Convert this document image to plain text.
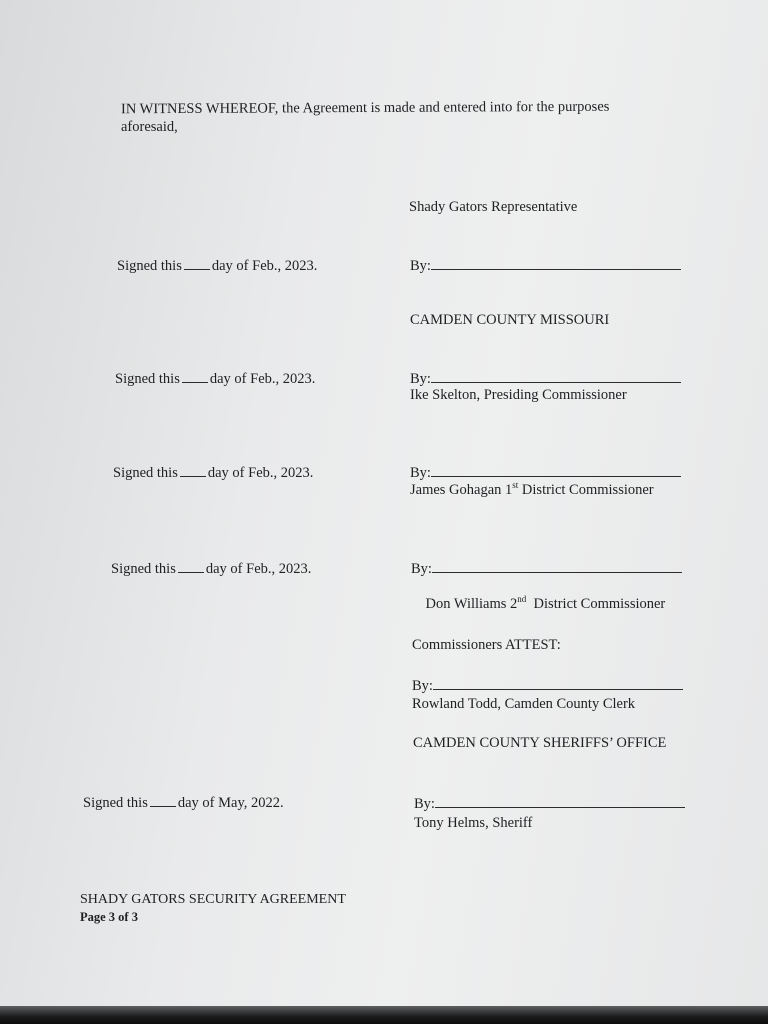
IN WITNESS WHEREOF, the Agreement is made and entered into for the purposes
aforesaid,
Shady Gators Representative
Signed this day of Feb., 2023.	By:
CAMDEN COUNTY MISSOURI
Signed this day of Feb., 2023.	By:
Ike Skelton, Presiding Commissioner
Signed this day of Feb., 2023.	By:
James Gohagan 1st District Commissioner
Signed this day of Feb., 2023.	By:

Don Williams 2nd  District Commissioner

Commissioners ATTEST:
By:
Rowland Todd, Camden County Clerk
CAMDEN COUNTY SHERIFFS’ OFFICE
Signed this day of May, 2022.	By:
Tony Helms, Sheriff
SHADY GATORS SECURITY AGREEMENT
Page 3 of 3
